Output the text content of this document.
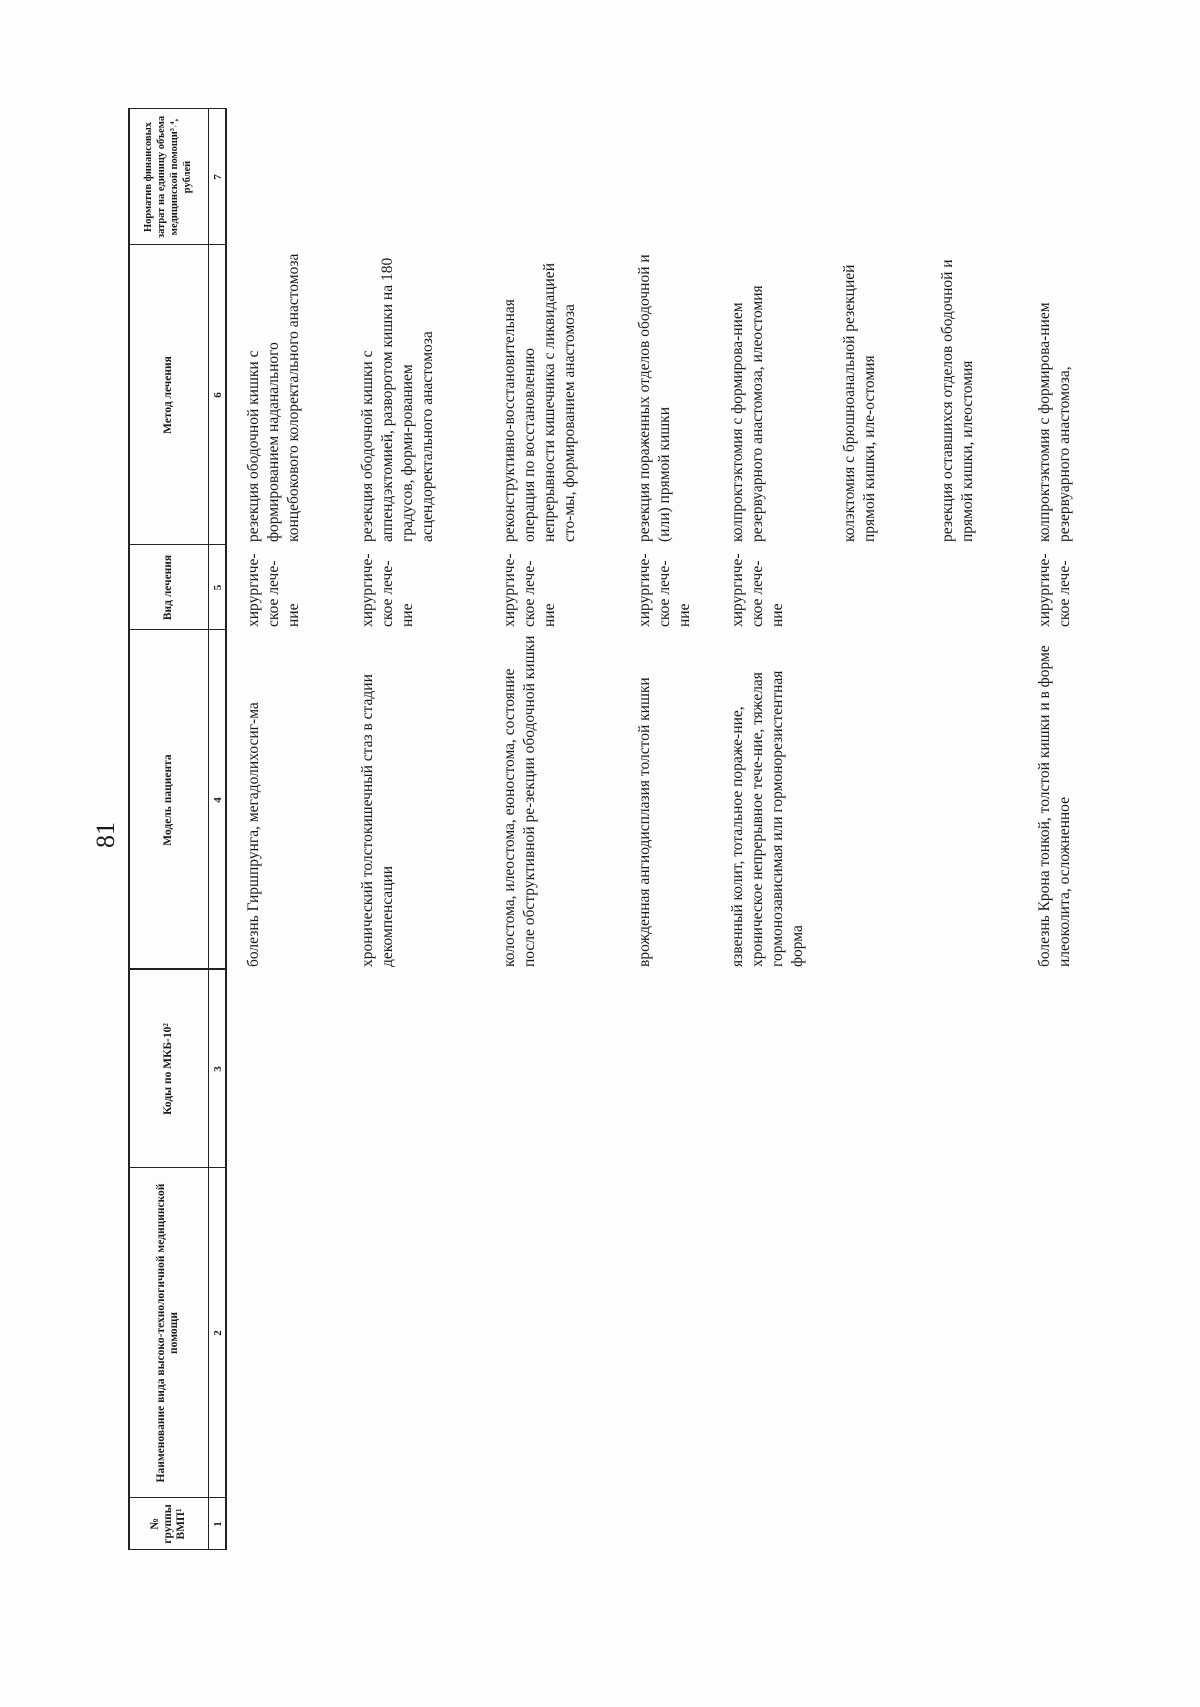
81
№ группы ВМП¹
Наименование вида высоко-технологичной медицинской помощи
Коды по МКБ-10²
Модель пациента
Вид лечения
Метод лечения
Норматив финансовых затрат на единицу объема медицинской помощи³˒⁴, рублей
1
2
3
4
5
6
7

болезнь Гиршпрунга, мегадолихосиг-ма

хирургиче-ское лече-ние

резекция ободочной кишки с формированием наданального концебокового колоректального анастомоза

хронический толстокишечный стаз в стадии декомпенсации

хирургиче-ское лече-ние

резекция ободочной кишки с аппендэктомией, разворотом кишки на 180 градусов, форми-рованием асцендоректального анастомоза

колостома, илеостома, еюностома, состояние после обструктивной ре-зекции ободочной кишки

хирургиче-ское лече-ние

реконструктивно-восстановительная операция по восстановлению непрерывности кишечника с ликвидацией сто-мы, формированием анастомоза

врожденная ангиодисплазия толстой кишки

хирургиче-ское лече-ние

резекция пораженных отделов ободочной и (или) прямой кишки

язвенный колит, тотальное пораже-ние, хроническое непрерывное тече-ние, тяжелая гормонозависимая или гормонорезистентная форма

хирургиче-ское лече-ние

колпроктэктомия с формирова-нием резервуарного анастомоза, илеостомия	колэктомия с брюшноанальной резекцией прямой кишки, иле-остомия	резекция оставшихся отделов ободочной и прямой кишки, илеостомия

болезнь Крона тонкой, толстой кишки и в форме илеоколита, осложненное

хирургиче-ское лече-

колпроктэктомия с формирова-нием резервуарного анастомоза,
